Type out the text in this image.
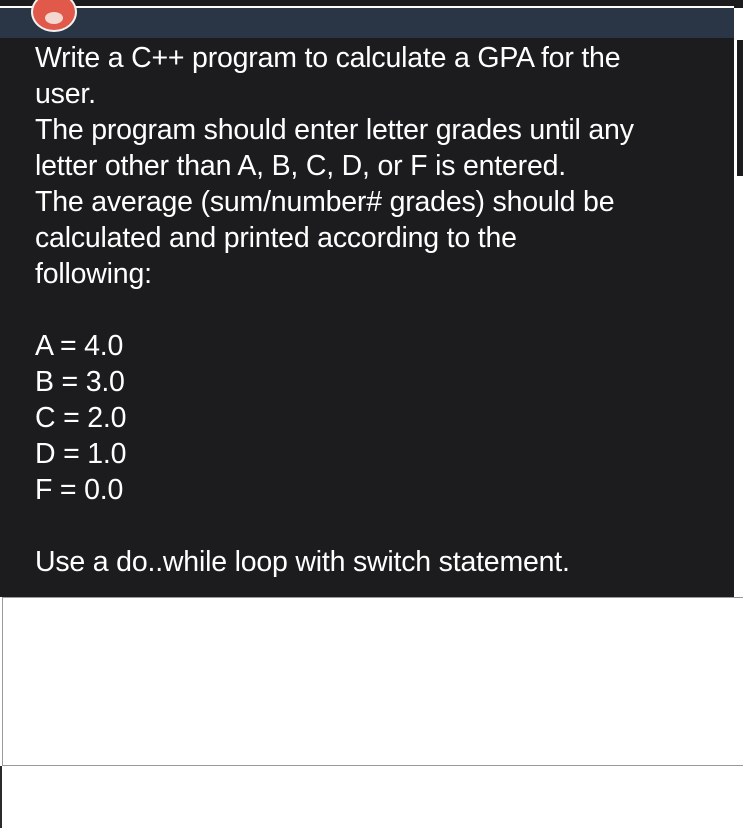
Write a C++ program to calculate a GPA for the
user.
The program should enter letter grades until any
letter other than A, B, C, D, or F is entered.
The average (sum/number# grades) should be
calculated and printed according to the
following:
A = 4.0
B = 3.0
C = 2.0
D = 1.0
F = 0.0
Use a do..while loop with switch statement.
